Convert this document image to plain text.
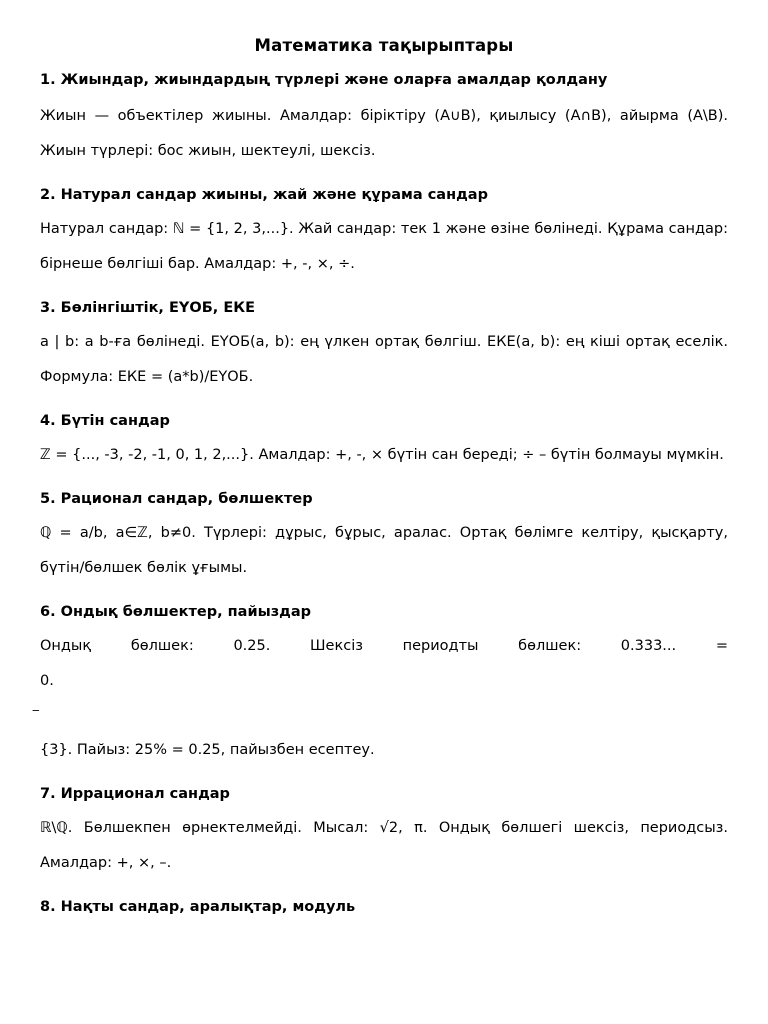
Математика тақырыптары
1. Жиындар, жиындардың түрлері және оларға амалдар қолдану

Жиын — объектілер жиыны. Амалдар: біріктіру (A∪B), қиылысу (A∩B), айырма (A\B). Жиын түрлері: бос жиын, шектеулі, шексіз.

2. Натурал сандар жиыны, жай және құрама сандар

Натурал сандар: ℕ = {1, 2, 3,...}. Жай сандар: тек 1 және өзіне бөлінеді. Құрама сандар: бірнеше бөлгіші бар. Амалдар: +, -, ×, ÷.

3. Бөлінгіштік, ЕҮОБ, ЕКЕ

a | b: a b-ға бөлінеді. ЕҮОБ(a, b): ең үлкен ортақ бөлгіш. ЕКЕ(a, b): ең кіші ортақ еселік. Формула: ЕКЕ = (a*b)/ЕҮОБ.

4. Бүтін сандар

ℤ = {..., -3, -2, -1, 0, 1, 2,...}. Амалдар: +, -, × бүтін сан береді; ÷ – бүтін болмауы мүмкін.

5. Рационал сандар, бөлшектер

ℚ = a/b, a∈ℤ, b≠0. Түрлері: дұрыс, бұрыс, аралас. Ортақ бөлімге келтіру, қысқарту, бүтін/бөлшек бөлік ұғымы.

6. Ондық бөлшектер, пайыздар
Ондық бөлшек: 0.25. Шексіз периодты бөлшек: 0.333... =
0.
‒

{3}. Пайыз: 25% = 0.25, пайызбен есептеу.

7. Иррационал сандар

ℝ\ℚ. Бөлшекпен өрнектелмейді. Мысал: √2, π. Ондық бөлшегі шексіз, периодсыз. Амалдар: +, ×, –.

8. Нақты сандар, аралықтар, модуль
